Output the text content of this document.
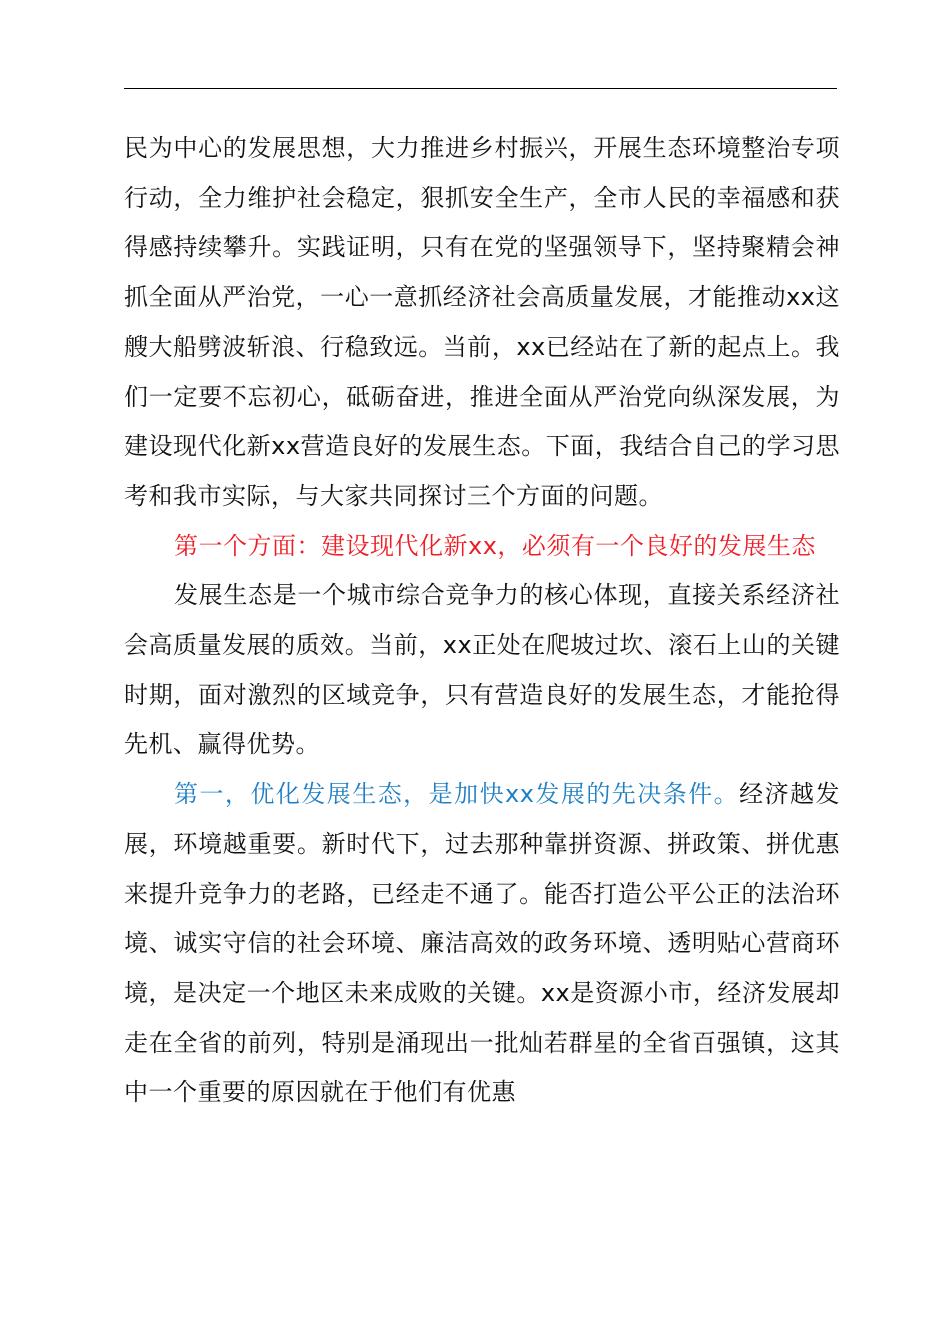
民为中心的发展思想，大力推进乡村振兴，开展生态环境整治专项行动，全力维护社会稳定，狠抓安全生产，全市人民的幸福感和获得感持续攀升。实践证明，只有在党的坚强领导下，坚持聚精会神抓全面从严治党，一心一意抓经济社会高质量发展，才能推动xx这艘大船劈波斩浪、行稳致远。当前，xx已经站在了新的起点上。我们一定要不忘初心，砥砺奋进，推进全面从严治党向纵深发展，为建设现代化新xx营造良好的发展生态。下面，我结合自己的学习思考和我市实际，与大家共同探讨三个方面的问题。

第一个方面：建设现代化新xx，必须有一个良好的发展生态

发展生态是一个城市综合竞争力的核心体现，直接关系经济社会高质量发展的质效。当前，xx正处在爬坡过坎、滚石上山的关键时期，面对激烈的区域竞争，只有营造良好的发展生态，才能抢得先机、赢得优势。

第一，优化发展生态，是加快xx发展的先决条件。经济越发展，环境越重要。新时代下，过去那种靠拼资源、拼政策、拼优惠来提升竞争力的老路，已经走不通了。能否打造公平公正的法治环境、诚实守信的社会环境、廉洁高效的政务环境、透明贴心营商环境，是决定一个地区未来成败的关键。xx是资源小市，经济发展却走在全省的前列，特别是涌现出一批灿若群星的全省百强镇，这其中一个重要的原因就在于他们有优惠
